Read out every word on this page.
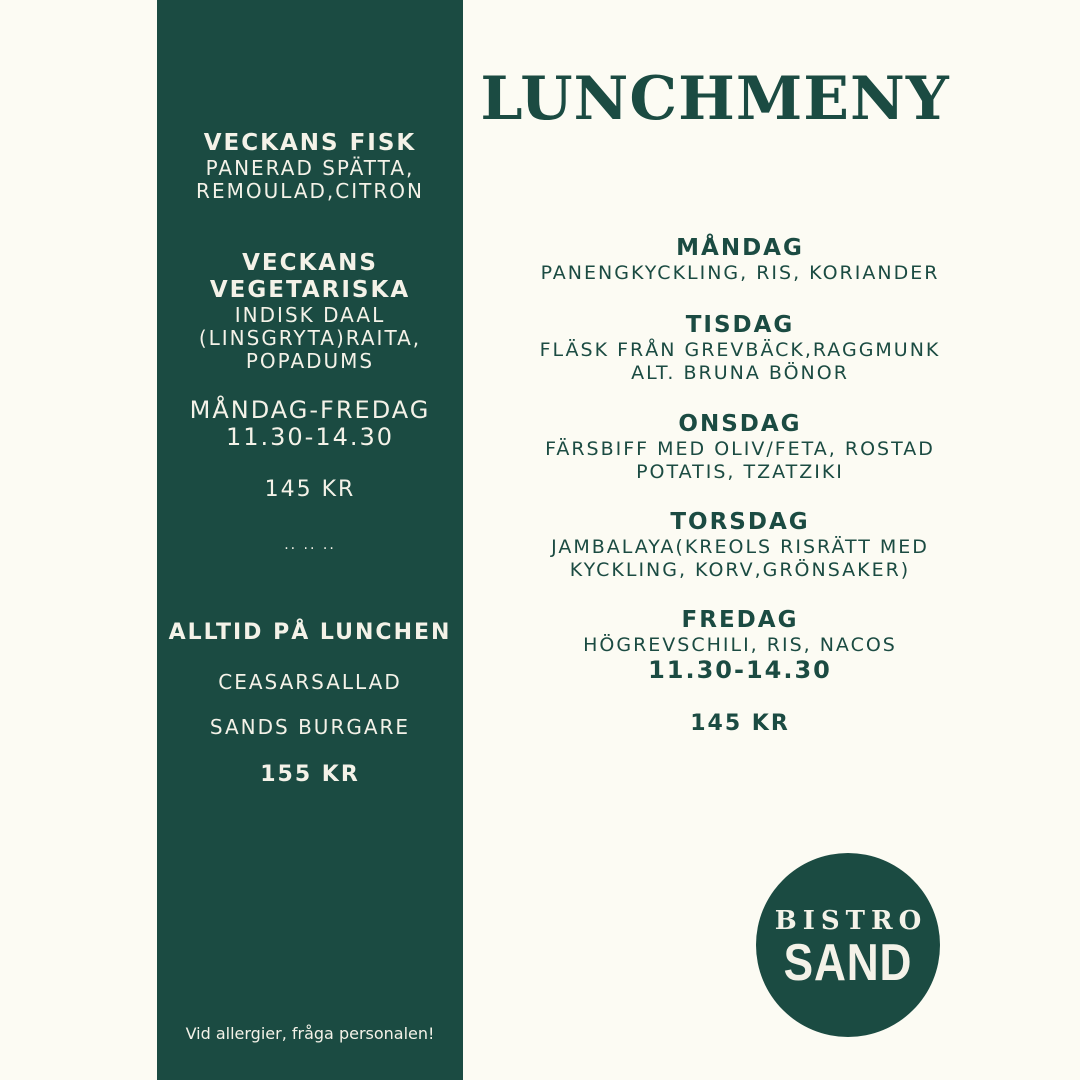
VECKANS FISK
PANERAD SPÄTTA,
REMOULAD,CITRON
VECKANS
VEGETARISKA
INDISK DAAL
(LINSGRYTA)RAITA,
POPADUMS
MÅNDAG-FREDAG
11.30-14.30
145 KR
·· ·· ··
ALLTID PÅ LUNCHEN
CEASARSALLAD
SANDS BURGARE
155 KR
Vid allergier, fråga personalen!
LUNCHMENY
MÅNDAG
PANENGKYCKLING, RIS, KORIANDER
TISDAG
FLÄSK FRÅN GREVBÄCK,RAGGMUNK
ALT. BRUNA BÖNOR
ONSDAG
FÄRSBIFF MED OLIV/FETA, ROSTAD
POTATIS, TZATZIKI
TORSDAG
JAMBALAYA(KREOLS RISRÄTT MED
KYCKLING, KORV,GRÖNSAKER)
FREDAG
HÖGREVSCHILI, RIS, NACOS
11.30-14.30
145 KR
BISTRO
SAND
